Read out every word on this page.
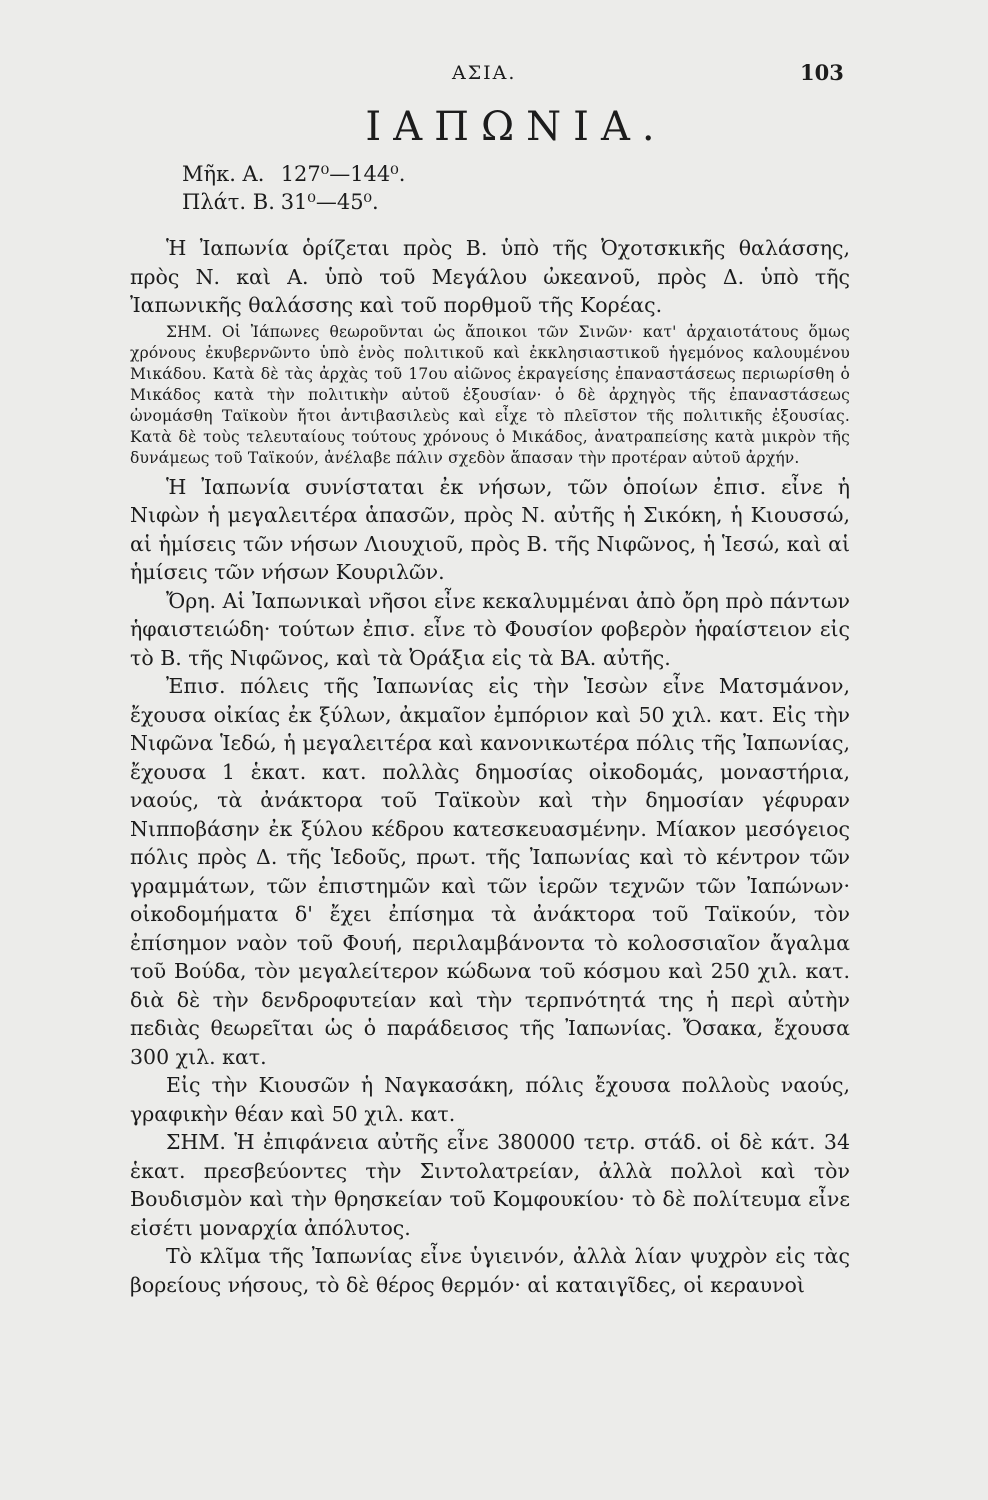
ΑΣΙΑ.	103
ΙΑΠΩΝΙΑ.
Μῆκ. Α. 127⁰—144⁰.
Πλάτ. Β. 31⁰—45⁰.

Ἡ Ἰαπωνία ὁρίζεται πρὸς Β. ὑπὸ τῆς Ὀχοτσκικῆς θαλάσσης, πρὸς Ν. καὶ Α. ὑπὸ τοῦ Μεγάλου ὠκεανοῦ, πρὸς Δ. ὑπὸ τῆς Ἰαπωνικῆς θαλάσσης καὶ τοῦ πορθμοῦ τῆς Κορέας.

ΣΗΜ. Οἱ Ἰάπωνες θεωροῦνται ὡς ἄποικοι τῶν Σινῶν· κατ' ἀρχαιοτάτους ὅμως χρόνους ἐκυβερνῶντο ὑπὸ ἑνὸς πολιτικοῦ καὶ ἐκκλησιαστικοῦ ἡγεμόνος καλουμένου Μικάδου. Κατὰ δὲ τὰς ἀρχὰς τοῦ 17ου αἰῶνος ἐκραγείσης ἐπαναστάσεως περιωρίσθη ὁ Μικάδος κατὰ τὴν πολιτικὴν αὐτοῦ ἐξουσίαν· ὁ δὲ ἀρχηγὸς τῆς ἐπαναστάσεως ὠνομάσθη Ταϊκοὺν ἤτοι ἀντιβασιλεὺς καὶ εἶχε τὸ πλεῖστον τῆς πολιτικῆς ἐξουσίας. Κατὰ δὲ τοὺς τελευταίους τούτους χρόνους ὁ Μικάδος, ἀνατραπείσης κατὰ μικρὸν τῆς δυνάμεως τοῦ Ταϊκούν, ἀνέλαβε πάλιν σχεδὸν ἅπασαν τὴν προτέραν αὐτοῦ ἀρχήν.

Ἡ Ἰαπωνία συνίσταται ἐκ νήσων, τῶν ὁποίων ἐπισ. εἶνε ἡ Νιφὼν ἡ μεγαλειτέρα ἁπασῶν, πρὸς Ν. αὐτῆς ἡ Σικόκη, ἡ Κιουσσώ, αἱ ἡμίσεις τῶν νήσων Λιουχιοῦ, πρὸς Β. τῆς Νιφῶνος, ἡ Ἱεσώ, καὶ αἱ ἡμίσεις τῶν νήσων Κουριλῶν.

Ὄρη. Αἱ Ἰαπωνικαὶ νῆσοι εἶνε κεκαλυμμέναι ἀπὸ ὄρη πρὸ πάντων ἡφαιστειώδη· τούτων ἐπισ. εἶνε τὸ Φουσίον φοβερὸν ἡφαίστειον εἰς τὸ Β. τῆς Νιφῶνος, καὶ τὰ Ὀράξια εἰς τὰ ΒΑ. αὐτῆς.

Ἐπισ. πόλεις τῆς Ἰαπωνίας εἰς τὴν Ἱεσὼν εἶνε Ματσμάνον, ἔχουσα οἰκίας ἐκ ξύλων, ἀκμαῖον ἐμπόριον καὶ 50 χιλ. κατ. Εἰς τὴν Νιφῶνα Ἱεδώ, ἡ μεγαλειτέρα καὶ κανονικωτέρα πόλις τῆς Ἰαπωνίας, ἔχουσα 1 ἑκατ. κατ. πολλὰς δημοσίας οἰκοδομάς, μοναστήρια, ναούς, τὰ ἀνάκτορα τοῦ Ταϊκοὺν καὶ τὴν δημοσίαν γέφυραν Νιπποβάσην ἐκ ξύλου κέδρου κατεσκευασμένην. Μίακον μεσόγειος πόλις πρὸς Δ. τῆς Ἱεδοῦς, πρωτ. τῆς Ἰαπωνίας καὶ τὸ κέντρον τῶν γραμμάτων, τῶν ἐπιστημῶν καὶ τῶν ἱερῶν τεχνῶν τῶν Ἰαπώνων· οἰκοδομήματα δ' ἔχει ἐπίσημα τὰ ἀνάκτορα τοῦ Ταϊκούν, τὸν ἐπίσημον ναὸν τοῦ Φουή, περιλαμβάνοντα τὸ κολοσσιαῖον ἄγαλμα τοῦ Βούδα, τὸν μεγαλείτερον κώδωνα τοῦ κόσμου καὶ 250 χιλ. κατ. διὰ δὲ τὴν δενδροφυτείαν καὶ τὴν τερπνότητά της ἡ περὶ αὐτὴν πεδιὰς θεωρεῖται ὡς ὁ παράδεισος τῆς Ἰαπωνίας. Ὄσακα, ἔχουσα 300 χιλ. κατ.

Εἰς τὴν Κιουσῶν ἡ Ναγκασάκη, πόλις ἔχουσα πολλοὺς ναούς, γραφικὴν θέαν καὶ 50 χιλ. κατ.

ΣΗΜ. Ἡ ἐπιφάνεια αὐτῆς εἶνε 380000 τετρ. στάδ. οἱ δὲ κάτ. 34 ἑκατ. πρεσβεύοντες τὴν Σιντολατρείαν, ἀλλὰ πολλοὶ καὶ τὸν Βουδισμὸν καὶ τὴν θρησκείαν τοῦ Κομφουκίου· τὸ δὲ πολίτευμα εἶνε εἰσέτι μοναρχία ἀπόλυτος.

Τὸ κλῖμα τῆς Ἰαπωνίας εἶνε ὑγιεινόν, ἀλλὰ λίαν ψυχρὸν εἰς τὰς βορείους νήσους, τὸ δὲ θέρος θερμόν· αἱ καταιγῖδες, οἱ κεραυνοὶ
